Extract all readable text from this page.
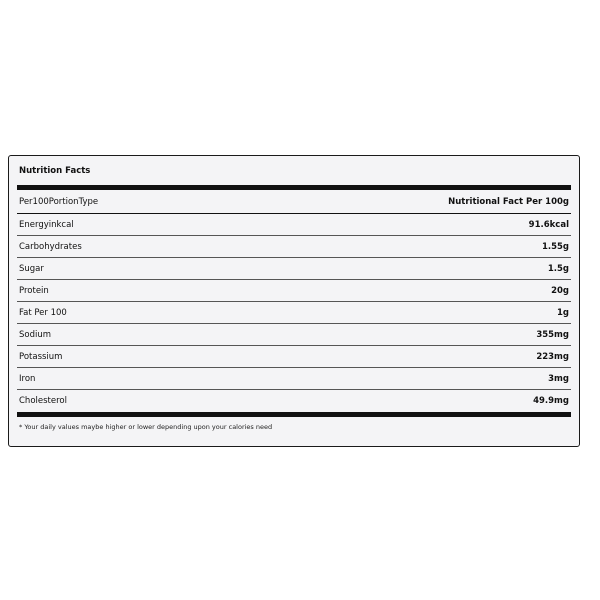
Nutrition Facts
Per100PortionType	Nutritional Fact Per 100g
Energyinkcal	91.6kcal
Carbohydrates	1.55g
Sugar	1.5g
Protein	20g
Fat Per 100	1g
Sodium	355mg
Potassium	223mg
Iron	3mg
Cholesterol	49.9mg
* Your daily values maybe higher or lower depending upon your calories need
